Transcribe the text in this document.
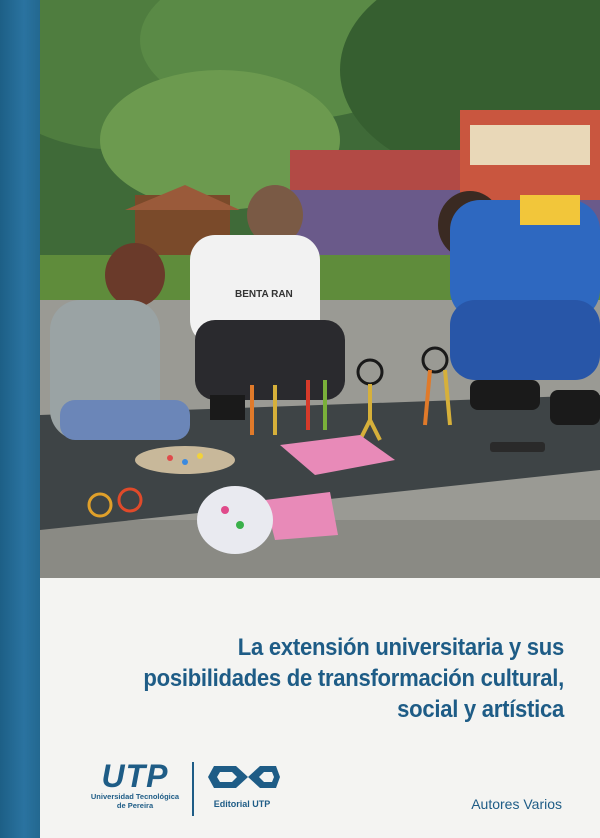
BENTA RAN
La extensión universitaria y sus
posibilidades de transformación cultural,
social y artística
UTP
Universidad Tecnológica
de Pereira	Editorial UTP	Autores Varios
